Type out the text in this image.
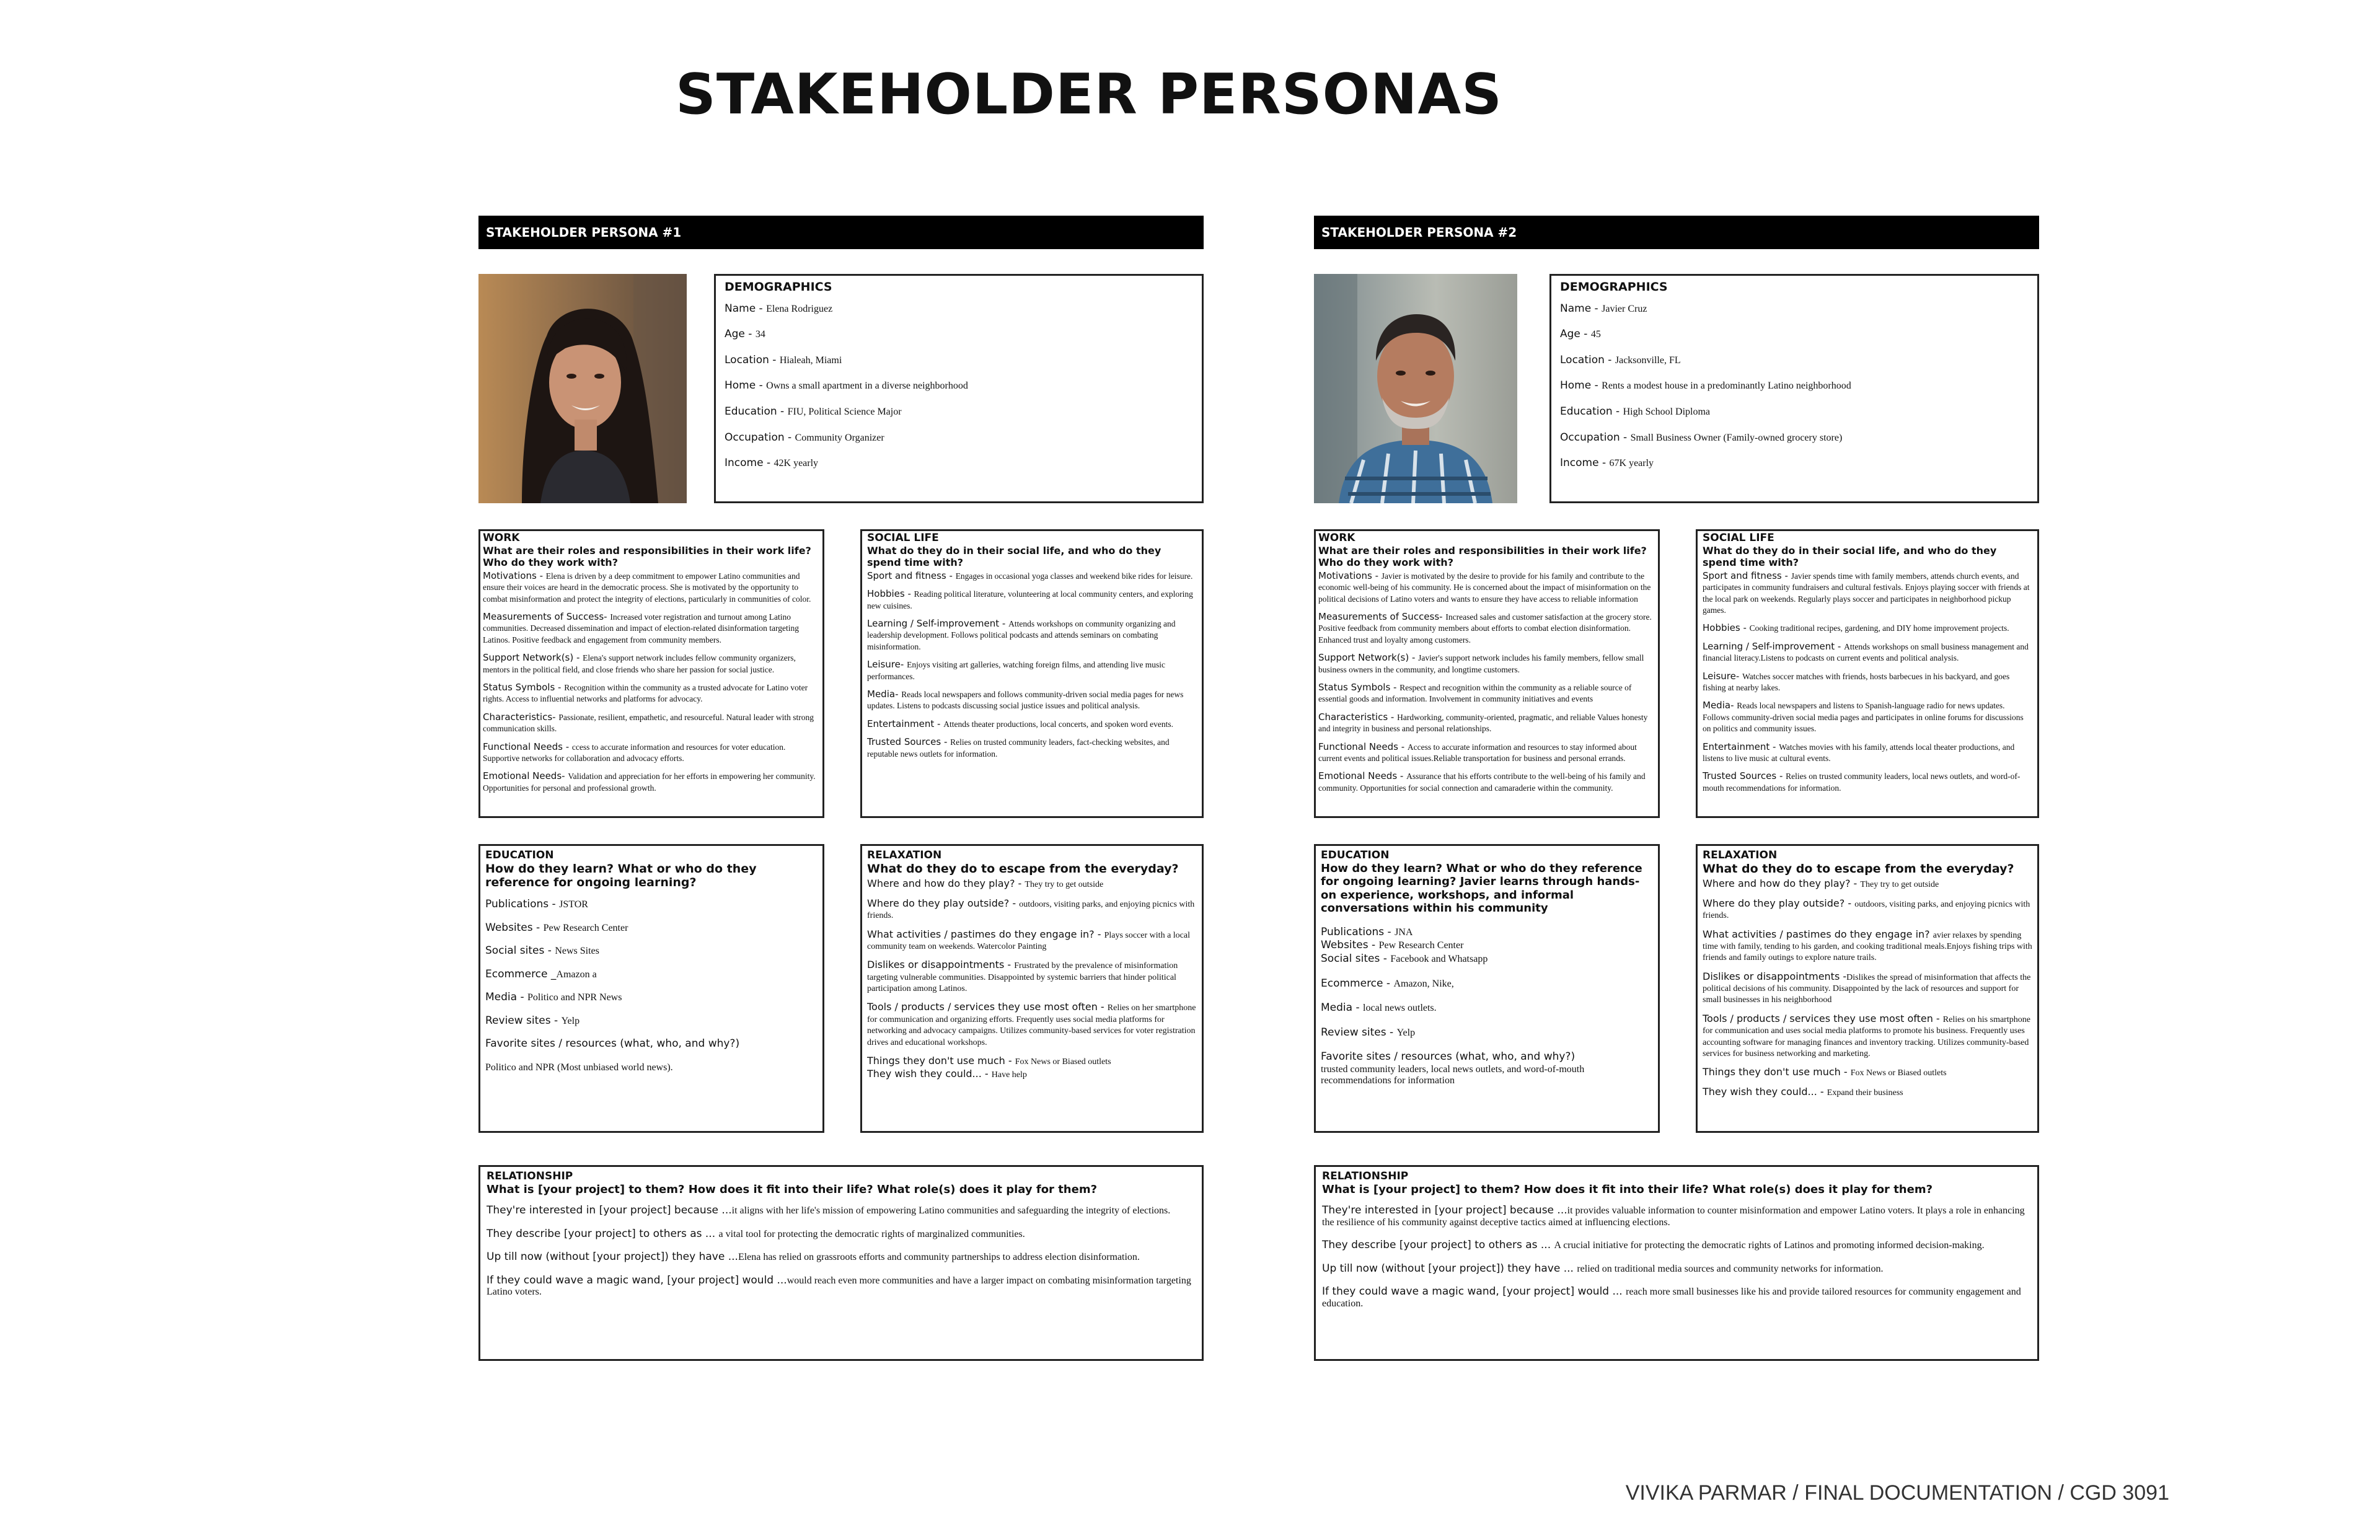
STAKEHOLDER PERSONAS
STAKEHOLDER PERSONA #1

DEMOGRAPHICS

Name - Elena Rodriguez

Age - 34

Location - Hialeah, Miami

Home - Owns a small apartment in a diverse neighborhood

Education - FIU, Political Science Major

Occupation - Community Organizer

Income - 42K yearly

WORK

What are their roles and responsibilities in their work life? Who do they work with?

Motivations - Elena is driven by a deep commitment to empower Latino communities and ensure their voices are heard in the democratic process. She is motivated by the opportunity to combat misinformation and protect the integrity of elections, particularly in communities of color.

Measurements of Success- Increased voter registration and turnout among Latino communities. Decreased dissemination and impact of election-related disinformation targeting Latinos. Positive feedback and engagement from community members.

Support Network(s) - Elena's support network includes fellow community organizers, mentors in the political field, and close friends who share her passion for social justice.

Status Symbols - Recognition within the community as a trusted advocate for Latino voter rights. Access to influential networks and platforms for advocacy.

Characteristics- Passionate, resilient, empathetic, and resourceful. Natural leader with strong communication skills.

Functional Needs - ccess to accurate information and resources for voter education. Supportive networks for collaboration and advocacy efforts.

Emotional Needs- Validation and appreciation for her efforts in empowering her community. Opportunities for personal and professional growth.

SOCIAL LIFE

What do they do in their social life, and who do they spend time with?

Sport and fitness - Engages in occasional yoga classes and weekend bike rides for leisure.

Hobbies - Reading political literature, volunteering at local community centers, and exploring new cuisines.

Learning / Self-improvement - Attends workshops on community organizing and leadership development. Follows political podcasts and attends seminars on combating misinformation.

Leisure- Enjoys visiting art galleries, watching foreign films, and attending live music performances.

Media- Reads local newspapers and follows community-driven social media pages for news updates. Listens to podcasts discussing social justice issues and political analysis.

Entertainment - Attends theater productions, local concerts, and spoken word events.

Trusted Sources - Relies on trusted community leaders, fact-checking websites, and reputable news outlets for information.

EDUCATION

How do they learn? What or who do they reference for ongoing learning?

Publications - JSTOR

Websites - Pew Research Center

Social sites - News Sites

Ecommerce _Amazon a

Media - Politico and NPR News

Review sites - Yelp

Favorite sites / resources (what, who, and why?)

Politico and NPR (Most unbiased world news).

RELAXATION

What do they do to escape from the everyday?

Where and how do they play? - They try to get outside

Where do they play outside? - outdoors, visiting parks, and enjoying picnics with friends.

What activities / pastimes do they engage in? - Plays soccer with a local community team on weekends. Watercolor Painting

Dislikes or disappointments - Frustrated by the prevalence of misinformation targeting vulnerable communities. Disappointed by systemic barriers that hinder political participation among Latinos.

Tools / products / services they use most often - Relies on her smartphone for communication and organizing efforts. Frequently uses social media platforms for networking and advocacy campaigns. Utilizes community-based services for voter registration drives and educational workshops.

Things they don't use much - Fox News or Biased outlets

They wish they could... - Have help

RELATIONSHIP

What is [your project] to them? How does it fit into their life? What role(s) does it play for them?

They're interested in [your project] because ...it aligns with her life's mission of empowering Latino communities and safeguarding the integrity of elections.

They describe [your project] to others as ... a vital tool for protecting the democratic rights of marginalized communities.

Up till now (without [your project]) they have ...Elena has relied on grassroots efforts and community partnerships to address election disinformation.

If they could wave a magic wand, [your project] would ...would reach even more communities and have a larger impact on combating misinformation targeting Latino voters.

STAKEHOLDER PERSONA #2

DEMOGRAPHICS

Name - Javier Cruz

Age - 45

Location - Jacksonville, FL

Home - Rents a modest house in a predominantly Latino neighborhood

Education - High School Diploma

Occupation - Small Business Owner (Family-owned grocery store)

Income - 67K yearly

WORK

What are their roles and responsibilities in their work life? Who do they work with?

Motivations - Javier is motivated by the desire to provide for his family and contribute to the economic well-being of his community. He is concerned about the impact of misinformation on the political decisions of Latino voters and wants to ensure they have access to reliable information

Measurements of Success- Increased sales and customer satisfaction at the grocery store. Positive feedback from community members about efforts to combat election disinformation. Enhanced trust and loyalty among customers.

Support Network(s) - Javier's support network includes his family members, fellow small business owners in the community, and longtime customers.

Status Symbols - Respect and recognition within the community as a reliable source of essential goods and information. Involvement in community initiatives and events

Characteristics - Hardworking, community-oriented, pragmatic, and reliable Values honesty and integrity in business and personal relationships.

Functional Needs - Access to accurate information and resources to stay informed about current events and political issues.Reliable transportation for business and personal errands.

Emotional Needs - Assurance that his efforts contribute to the well-being of his family and community. Opportunities for social connection and camaraderie within the community.

SOCIAL LIFE

What do they do in their social life, and who do they spend time with?

Sport and fitness - Javier spends time with family members, attends church events, and participates in community fundraisers and cultural festivals. Enjoys playing soccer with friends at the local park on weekends. Regularly plays soccer and participates in neighborhood pickup games.

Hobbies - Cooking traditional recipes, gardening, and DIY home improvement projects.

Learning / Self-improvement - Attends workshops on small business management and financial literacy.Listens to podcasts on current events and political analysis.

Leisure- Watches soccer matches with friends, hosts barbecues in his backyard, and goes fishing at nearby lakes.

Media- Reads local newspapers and listens to Spanish-language radio for news updates. Follows community-driven social media pages and participates in online forums for discussions on politics and community issues.

Entertainment - Watches movies with his family, attends local theater productions, and listens to live music at cultural events.

Trusted Sources - Relies on trusted community leaders, local news outlets, and word-of-mouth recommendations for information.

EDUCATION

How do they learn? What or who do they reference for ongoing learning? Javier learns through hands-on experience, workshops, and informal conversations within his community

Publications - JNA

Websites - Pew Research Center

Social sites - Facebook and Whatsapp

Ecommerce - Amazon, Nike,

Media - local news outlets.

Review sites - Yelp

Favorite sites / resources (what, who, and why?)

trusted community leaders, local news outlets, and word-of-mouth recommendations for information

RELAXATION

What do they do to escape from the everyday?

Where and how do they play? - They try to get outside

Where do they play outside? - outdoors, visiting parks, and enjoying picnics with friends.

What activities / pastimes do they engage in? avier relaxes by spending time with family, tending to his garden, and cooking traditional meals.Enjoys fishing trips with friends and family outings to explore nature trails.

Dislikes or disappointments -Dislikes the spread of misinformation that affects the political decisions of his community. Disappointed by the lack of resources and support for small businesses in his neighborhood

Tools / products / services they use most often - Relies on his smartphone for communication and uses social media platforms to promote his business. Frequently uses accounting software for managing finances and inventory tracking. Utilizes community-based services for business networking and marketing.

Things they don't use much - Fox News or Biased outlets

They wish they could... - Expand their business

RELATIONSHIP

What is [your project] to them? How does it fit into their life? What role(s) does it play for them?

They're interested in [your project] because ...it provides valuable information to counter misinformation and empower Latino voters. It plays a role in enhancing the resilience of his community against deceptive tactics aimed at influencing elections.

They describe [your project] to others as ... A crucial initiative for protecting the democratic rights of Latinos and promoting informed decision-making.

Up till now (without [your project]) they have ... relied on traditional media sources and community networks for information.

If they could wave a magic wand, [your project] would ... reach more small businesses like his and provide tailored resources for community engagement and education.

VIVIKA PARMAR / FINAL DOCUMENTATION / CGD 3091
